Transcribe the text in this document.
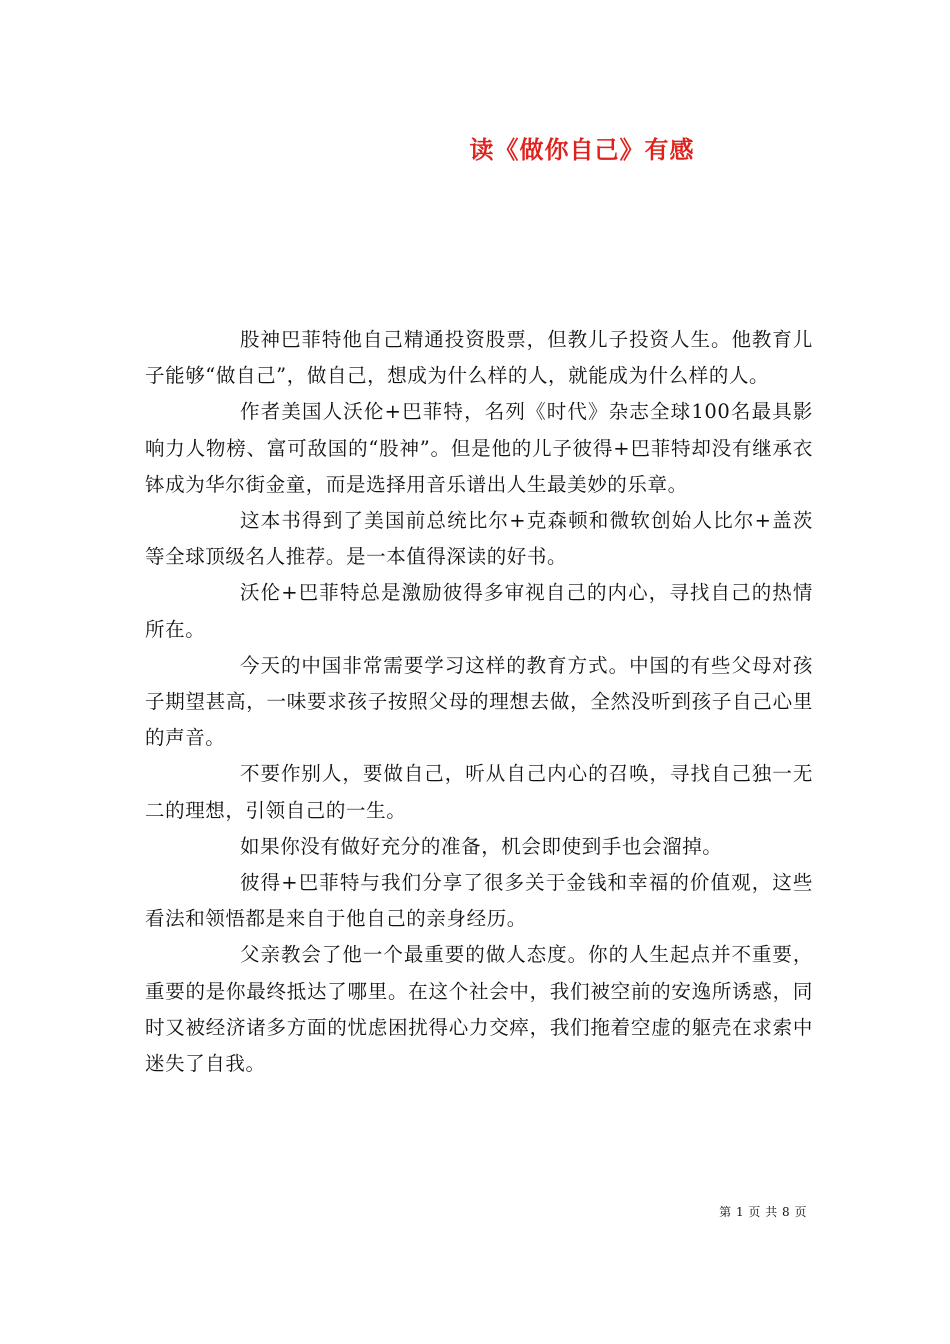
读《做你自己》有感

股神巴菲特他自己精通投资股票，但教儿子投资人生。他教育儿子能够“做自己”，做自己，想成为什么样的人，就能成为什么样的人。

作者美国人沃伦+巴菲特，名列《时代》杂志全球100名最具影响力人物榜、富可敌国的“股神”。但是他的儿子彼得+巴菲特却没有继承衣钵成为华尔街金童，而是选择用音乐谱出人生最美妙的乐章。

这本书得到了美国前总统比尔+克森顿和微软创始人比尔+盖茨等全球顶级名人推荐。是一本值得深读的好书。

沃伦+巴菲特总是激励彼得多审视自己的内心，寻找自己的热情所在。

今天的中国非常需要学习这样的教育方式。中国的有些父母对孩子期望甚高，一味要求孩子按照父母的理想去做，全然没听到孩子自己心里的声音。

不要作别人，要做自己，听从自己内心的召唤，寻找自己独一无二的理想，引领自己的一生。

如果你没有做好充分的准备，机会即使到手也会溜掉。

彼得+巴菲特与我们分享了很多关于金钱和幸福的价值观，这些看法和领悟都是来自于他自己的亲身经历。

父亲教会了他一个最重要的做人态度。你的人生起点并不重要，重要的是你最终抵达了哪里。在这个社会中，我们被空前的安逸所诱惑，同时又被经济诸多方面的忧虑困扰得心力交瘁，我们拖着空虚的躯壳在求索中迷失了自我。

第 1 页 共 8 页
